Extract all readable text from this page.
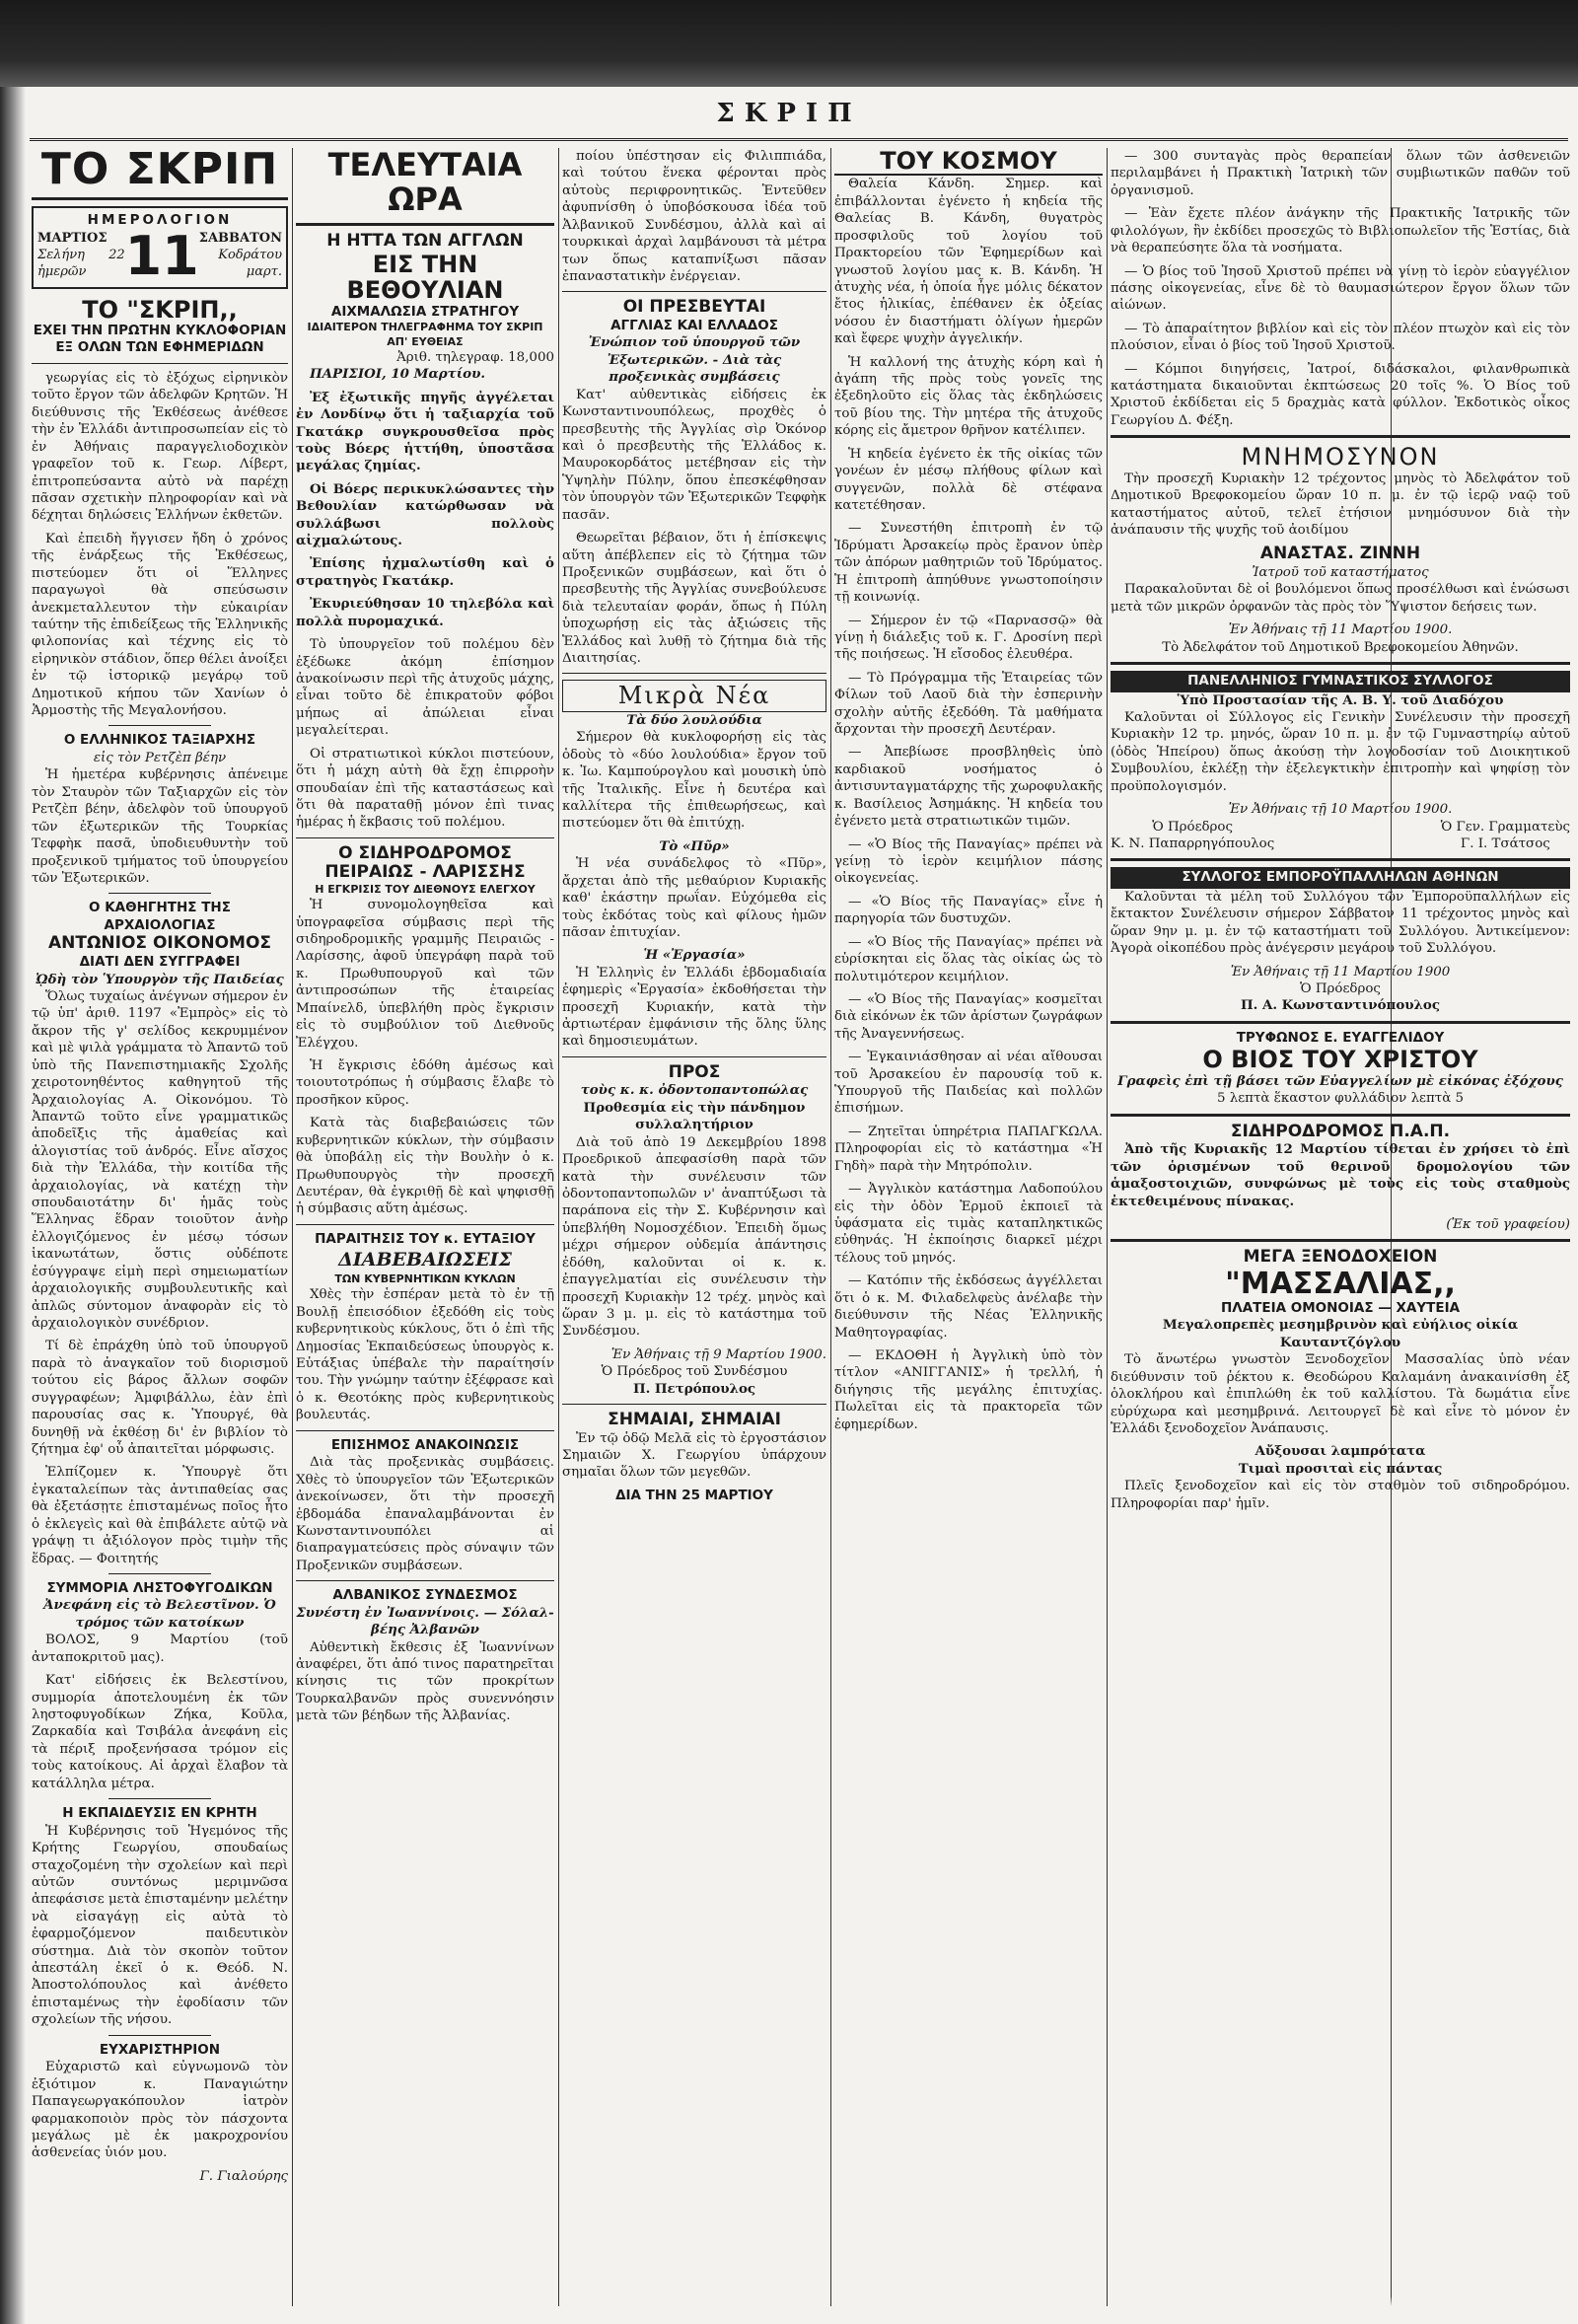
ΣΚΡΙΠ
ΤΟ ΣΚΡΙΠ
ΗΜΕΡΟΛΟΓΙΟΝ
ΜΑΡΤΙΟΣ
Σελήνη 22 ἡμερῶν 11 ΣΑΒΒΑΤΟΝ
Κοδράτου μαρτ.
ΤΟ "ΣΚΡΙΠ,,
ΕΧΕΙ ΤΗΝ ΠΡΩΤΗΝ ΚΥΚΛΟΦΟΡΙΑΝ
ΕΞ ΟΛΩΝ ΤΩΝ ΕΦΗΜΕΡΙΔΩΝ

γεωργίας εἰς τὸ ἐξόχως εἰρηνικὸν τοῦτο ἔργον τῶν ἀδελφῶν Κρητῶν. Ἡ διεύθυνσις τῆς Ἐκθέσεως ἀνέθεσε τὴν ἐν Ἑλλάδι ἀντιπροσωπείαν εἰς τὸ ἐν Ἀθήναις παραγγελιοδοχικὸν γραφεῖον τοῦ κ. Γεωρ. Λίβερτ, ἐπιτροπεύσαντα αὐτὸ νὰ παρέχῃ πᾶσαν σχετικὴν πληροφορίαν καὶ νὰ δέχηται δηλώσεις Ἑλλήνων ἐκθετῶν.

Καὶ ἐπειδὴ ἤγγισεν ἤδη ὁ χρόνος τῆς ἐνάρξεως τῆς Ἐκθέσεως, πιστεύομεν ὅτι οἱ Ἕλληνες παραγωγοὶ θὰ σπεύσωσιν ἀνεκμεταλλευτον τὴν εὐκαιρίαν ταύτην τῆς ἐπιδείξεως τῆς Ἑλληνικῆς φιλοπονίας καὶ τέχνης εἰς τὸ εἰρηνικὸν στάδιον, ὅπερ θέλει ἀνοίξει ἐν τῷ ἱστορικῷ μεγάρῳ τοῦ Δημοτικοῦ κήπου τῶν Χανίων ὁ Ἁρμοστὴς τῆς Μεγαλονήσου.

Ο ΕΛΛΗΝΙΚΟΣ ΤΑΞΙΑΡΧΗΣ
εἰς τὸν Ρετζὲπ βέην

Ἡ ἡμετέρα κυβέρνησις ἀπένειμε τὸν Σταυρὸν τῶν Ταξιαρχῶν εἰς τὸν Ρετζὲπ βέην, ἀδελφὸν τοῦ ὑπουργοῦ τῶν ἐξωτερικῶν τῆς Τουρκίας Τεφφὴκ πασᾶ, ὑποδιευθυντὴν τοῦ προξενικοῦ τμήματος τοῦ ὑπουργείου τῶν Ἐξωτερικῶν.

Ο ΚΑΘΗΓΗΤΗΣ ΤΗΣ ΑΡΧΑΙΟΛΟΓΙΑΣ
ΑΝΤΩΝΙΟΣ ΟΙΚΟΝΟΜΟΣ
ΔΙΑΤΙ ΔΕΝ ΣΥΓΓΡΑΦΕΙ
ᾨδὴ τὸν Ὑπουργὸν τῆς Παιδείας

Ὅλως τυχαίως ἀνέγνων σήμερον ἐν τῷ ὑπ' ἀριθ. 1197 «Ἐμπρὸς» εἰς τὸ ἄκρον τῆς γ' σελίδος κεκρυμμένον καὶ μὲ ψιλὰ γράμματα τὸ Ἀπαντῶ τοῦ ὑπὸ τῆς Πανεπιστημιακῆς Σχολῆς χειροτονηθέντος καθηγητοῦ τῆς Ἀρχαιολογίας Α. Οἰκονόμου. Τὸ Ἀπαντῶ τοῦτο εἶνε γραμματικῶς ἀποδεῖξις τῆς ἀμαθείας καὶ ἀλογιστίας τοῦ ἀνδρός. Εἶνε αἴσχος διὰ τὴν Ἑλλάδα, τὴν κοιτίδα τῆς ἀρχαιολογίας, νὰ κατέχῃ τὴν σπουδαιοτάτην δι' ἡμᾶς τοὺς Ἕλληνας ἕδραν τοιοῦτον ἀνὴρ ἐλλογιζόμενος ἐν μέσῳ τόσων ἱκανωτάτων, ὅστις οὐδέποτε ἐσύγγραψε εἰμὴ περὶ σημειωματίων ἀρχαιολογικῆς συμβουλευτικῆς καὶ ἀπλῶς σύντομον ἀναφορὰν εἰς τὸ ἀρχαιολογικὸν συνέδριον.

Τί δὲ ἐπράχθη ὑπὸ τοῦ ὑπουργοῦ παρὰ τὸ ἀναγκαῖον τοῦ διορισμοῦ τούτου εἰς βάρος ἄλλων σοφῶν συγγραφέων; Ἀμφιβάλλω, ἐὰν ἐπὶ παρουσίας σας κ. Ὑπουργέ, θὰ δυνηθῇ νὰ ἐκθέσῃ δι' ἐν βιβλίον τὸ ζήτημα ἐφ' οὗ ἀπαιτεῖται μόρφωσις.

Ἐλπίζομεν κ. Ὑπουργὲ ὅτι ἐγκαταλείπων τὰς ἀντιπαθείας σας θὰ ἐξετάσῃτε ἐπισταμένως ποῖος ἦτο ὁ ἐκλεγεὶς καὶ θὰ ἐπιβάλετε αὐτῷ νὰ γράψῃ τι ἀξιόλογον πρὸς τιμὴν τῆς ἕδρας. — Φοιτητής

ΣΥΜΜΟΡΙΑ ΛΗΣΤΟΦΥΓΟΔΙΚΩΝ
Ἀνεφάνη εἰς τὸ Βελεστῖνον. Ὁ τρόμος τῶν κατοίκων

ΒΟΛΟΣ, 9 Μαρτίου (τοῦ ἀνταποκριτοῦ μας).

Κατ' εἰδήσεις ἐκ Βελεστίνου, συμμορία ἀποτελουμένη ἐκ τῶν ληστοφυγοδίκων Ζήκα, Κοῦλα, Ζαρκαδία καὶ Τσιβάλα ἀνεφάνη εἰς τὰ πέριξ προξενήσασα τρόμον εἰς τοὺς κατοίκους. Αἱ ἀρχαὶ ἔλαβον τὰ κατάλληλα μέτρα.

Η ΕΚΠΑΙΔΕΥΣΙΣ ΕΝ ΚΡΗΤΗ

Ἡ Κυβέρνησις τοῦ Ἡγεμόνος τῆς Κρήτης Γεωργίου, σπουδαίως σταχοζομένη τὴν σχολείων καὶ περὶ αὐτῶν συντόνως μεριμνῶσα ἀπεφάσισε μετὰ ἐπισταμένην μελέτην νὰ εἰσαγάγῃ εἰς αὐτὰ τὸ ἐφαρμοζόμενον παιδευτικὸν σύστημα. Διὰ τὸν σκοπὸν τοῦτον ἀπεστάλη ἐκεῖ ὁ κ. Θεόδ. Ν. Ἀποστολόπουλος καὶ ἀνέθετο ἐπισταμένως τὴν ἐφοδίασιν τῶν σχολείων τῆς νήσου.

ΕΥΧΑΡΙΣΤΗΡΙΟΝ

Εὐχαριστῶ καὶ εὐγνωμονῶ τὸν ἐξιότιμον κ. Παναγιώτην Παπαγεωργακόπουλον ἰατρὸν φαρμακοποιὸν πρὸς τὸν πάσχοντα μεγάλως μὲ ἐκ μακροχρονίου ἀσθενείας ὑιόν μου.

Γ. Γιαλούρης
ΤΕΛΕΥΤΑΙΑ ΩΡΑ
Η ΗΤΤΑ ΤΩΝ ΑΓΓΛΩΝ
ΕΙΣ ΤΗΝ ΒΕΘΟΥΛΙΑΝ
ΑΙΧΜΑΛΩΣΙΑ ΣΤΡΑΤΗΓΟΥ
ΙΔΙΑΙΤΕΡΟΝ ΤΗΛΕΓΡΑΦΗΜΑ ΤΟΥ ΣΚΡΙΠ ΑΠ' ΕΥΘΕΙΑΣ
Ἀριθ. τηλεγραφ. 18,000

ΠΑΡΙΣΙΟΙ, 10 Μαρτίου.

Ἐξ ἐξωτικῆς πηγῆς ἀγγέλεται ἐν Λονδίνῳ ὅτι ἡ ταξιαρχία τοῦ Γκατάκρ συγκρουσθεῖσα πρὸς τοὺς Βόερς ἡττήθη, ὑποστᾶσα μεγάλας ζημίας.

Οἱ Βόερς περικυκλώσαντες τὴν Βεθουλίαν κατώρθωσαν νὰ συλλάβωσι πολλοὺς αἰχμαλώτους.

Ἐπίσης ἠχμαλωτίσθη καὶ ὁ στρατηγὸς Γκατάκρ.

Ἐκυριεύθησαν 10 τηλεβόλα καὶ πολλὰ πυρομαχικά.

Τὸ ὑπουργεῖον τοῦ πολέμου δὲν ἐξέδωκε ἀκόμη ἐπίσημον ἀνακοίνωσιν περὶ τῆς ἀτυχοῦς μάχης, εἶναι τοῦτο δὲ ἐπικρατοῦν φόβοι μήπως αἱ ἀπώλειαι εἶναι μεγαλείτεραι.

Οἱ στρατιωτικοὶ κύκλοι πιστεύουν, ὅτι ἡ μάχη αὐτὴ θὰ ἔχῃ ἐπιρροὴν σπουδαίαν ἐπὶ τῆς καταστάσεως καὶ ὅτι θὰ παραταθῇ μόνον ἐπὶ τινας ἡμέρας ἡ ἔκβασις τοῦ πολέμου.

Ο ΣΙΔΗΡΟΔΡΟΜΟΣ
ΠΕΙΡΑΙΩΣ - ΛΑΡΙΣΣΗΣ
Η ΕΓΚΡΙΣΙΣ ΤΟΥ ΔΙΕΘΝΟΥΣ ΕΛΕΓΧΟΥ

Ἡ συνομολογηθεῖσα καὶ ὑπογραφεῖσα σύμβασις περὶ τῆς σιδηροδρομικῆς γραμμῆς Πειραιῶς - Λαρίσσης, ἀφοῦ ὑπεγράφη παρὰ τοῦ κ. Πρωθυπουργοῦ καὶ τῶν ἀντιπροσώπων τῆς ἑταιρείας Μπαίνελδ, ὑπεβλήθη πρὸς ἔγκρισιν εἰς τὸ συμβούλιον τοῦ Διεθνοῦς Ἐλέγχου.

Ἡ ἔγκρισις ἐδόθη ἀμέσως καὶ τοιουτοτρόπως ἡ σύμβασις ἔλαβε τὸ προσῆκον κῦρος.

Κατὰ τὰς διαβεβαιώσεις τῶν κυβερνητικῶν κύκλων, τὴν σύμβασιν θὰ ὑποβάλῃ εἰς τὴν Βουλὴν ὁ κ. Πρωθυπουργὸς τὴν προσεχῆ Δευτέραν, θὰ ἐγκριθῇ δὲ καὶ ψηφισθῇ ἡ σύμβασις αὕτη ἀμέσως.

ΠΑΡΑΙΤΗΣΙΣ ΤΟΥ κ. ΕΥΤΑΞΙΟΥ
ΔΙΑΒΕΒΑΙΩΣΕΙΣ
ΤΩΝ ΚΥΒΕΡΝΗΤΙΚΩΝ ΚΥΚΛΩΝ

Χθὲς τὴν ἑσπέραν μετὰ τὸ ἐν τῇ Βουλῇ ἐπεισόδιον ἐξεδόθη εἰς τοὺς κυβερνητικοὺς κύκλους, ὅτι ὁ ἐπὶ τῆς Δημοσίας Ἐκπαιδεύσεως ὑπουργὸς κ. Εὐτάξιας ὑπέβαλε τὴν παραίτησίν του. Τὴν γνώμην ταύτην ἐξέφρασε καὶ ὁ κ. Θεοτόκης πρὸς κυβερνητικοὺς βουλευτάς.

ΕΠΙΣΗΜΟΣ ΑΝΑΚΟΙΝΩΣΙΣ

Διὰ τὰς προξενικὰς συμβάσεις. Χθὲς τὸ ὑπουργεῖον τῶν Ἐξωτερικῶν ἀνεκοίνωσεν, ὅτι τὴν προσεχῆ ἑβδομάδα ἐπαναλαμβάνονται ἐν Κωνσταντινουπόλει αἱ διαπραγματεύσεις πρὸς σύναψιν τῶν Προξενικῶν συμβάσεων.

ΑΛΒΑΝΙΚΟΣ ΣΥΝΔΕΣΜΟΣ
Συνέστη ἐν Ἰωαννίνοις. — Σόλαλ-βέης Ἀλβανῶν

Αὐθεντικὴ ἔκθεσις ἐξ Ἰωαννίνων ἀναφέρει, ὅτι ἀπό τινος παρατηρεῖται κίνησις τις τῶν προκρίτων Τουρκαλβανῶν πρὸς συνεννόησιν μετὰ τῶν βέηδων τῆς Ἀλβανίας.

ποίου ὑπέστησαν εἰς Φιλιππιάδα, καὶ τούτου ἕνεκα φέρονται πρὸς αὐτοὺς περιφρονητικῶς. Ἐντεῦθεν ἀφυπνίσθη ὁ ὑποβόσκουσα ἰδέα τοῦ Ἀλβανικοῦ Συνδέσμου, ἀλλὰ καὶ αἱ τουρκικαὶ ἀρχαὶ λαμβάνουσι τὰ μέτρα των ὅπως καταπνίξωσι πᾶσαν ἐπαναστατικὴν ἐνέργειαν.

ΟΙ ΠΡΕΣΒΕΥΤΑΙ
ΑΓΓΛΙΑΣ ΚΑΙ ΕΛΛΑΔΟΣ
Ἐνώπιον τοῦ ὑπουργοῦ τῶν Ἐξωτερικῶν. - Διὰ τὰς προξενικὰς συμβάσεις

Κατ' αὐθεντικὰς εἰδήσεις ἐκ Κωνσταντινουπόλεως, προχθὲς ὁ πρεσβευτὴς τῆς Ἀγγλίας σὶρ Ὀκόνορ καὶ ὁ πρεσβευτὴς τῆς Ἑλλάδος κ. Μαυροκορδάτος μετέβησαν εἰς τὴν Ὑψηλὴν Πύλην, ὅπου ἐπεσκέφθησαν τὸν ὑπουργὸν τῶν Ἐξωτερικῶν Τεφφὴκ πασᾶν.

Θεωρεῖται βέβαιον, ὅτι ἡ ἐπίσκεψις αὕτη ἀπέβλεπεν εἰς τὸ ζήτημα τῶν Προξενικῶν συμβάσεων, καὶ ὅτι ὁ πρεσβευτὴς τῆς Ἀγγλίας συνεβούλευσε διὰ τελευταίαν φοράν, ὅπως ἡ Πύλη ὑποχωρήσῃ εἰς τὰς ἀξιώσεις τῆς Ἑλλάδος καὶ λυθῇ τὸ ζήτημα διὰ τῆς Διαιτησίας.

Μικρὰ Νέα
Τὰ δύο λουλούδια

Σήμερον θὰ κυκλοφορήσῃ εἰς τὰς ὁδοὺς τὸ «δύο λουλούδια» ἔργον τοῦ κ. Ἰω. Καμπούρογλου καὶ μουσικὴ ὑπὸ τῆς Ἰταλικῆς. Εἶνε ἡ δευτέρα καὶ καλλίτερα τῆς ἐπιθεωρήσεως, καὶ πιστεύομεν ὅτι θὰ ἐπιτύχῃ.

Τὸ «Πῦρ»

Ἡ νέα συνάδελφος τὸ «Πῦρ», ἄρχεται ἀπὸ τῆς μεθαύριον Κυριακῆς καθ' ἑκάστην πρωΐαν. Εὐχόμεθα εἰς τοὺς ἐκδότας τοὺς καὶ φίλους ἡμῶν πᾶσαν ἐπιτυχίαν.

Ἡ «Ἐργασία»

Ἡ Ἐλληνὶς ἐν Ἑλλάδι ἑβδομαδιαία ἐφημερὶς «Ἐργασία» ἐκδοθήσεται τὴν προσεχῆ Κυριακήν, κατὰ τὴν ἀρτιωτέραν ἐμφάνισιν τῆς ὅλης ὕλης καὶ δημοσιευμάτων.

ΠΡΟΣ
τοὺς κ. κ. ὀδοντοπαντοπώλας
Προθεσμία εἰς τὴν πάνδημον συλλαλητήριον

Διὰ τοῦ ἀπὸ 19 Δεκεμβρίου 1898 Προεδρικοῦ ἀπεφασίσθη παρὰ τῶν κατὰ τὴν συνέλευσιν τῶν ὀδοντοπαντοπωλῶν ν' ἀναπτύξωσι τὰ παράπονα εἰς τὴν Σ. Κυβέρνησιν καὶ ὑπεβλήθη Νομοσχέδιον. Ἐπειδὴ ὅμως μέχρι σήμερον οὐδεμία ἀπάντησις ἐδόθη, καλοῦνται οἱ κ. κ. ἐπαγγελματίαι εἰς συνέλευσιν τὴν προσεχῆ Κυριακὴν 12 τρέχ. μηνὸς καὶ ὥραν 3 μ. μ. εἰς τὸ κατάστημα τοῦ Συνδέσμου.

Ἐν Ἀθήναις τῇ 9 Μαρτίου 1900.
Ὁ Πρόεδρος τοῦ Συνδέσμου
Π. Πετρόπουλος
ΣΗΜΑΙΑΙ, ΣΗΜΑΙΑΙ

Ἐν τῷ ὁδῷ Μελᾶ εἰς τὸ ἐργοστάσιον Σημαιῶν Χ. Γεωργίου ὑπάρχουν σημαῖαι ὅλων τῶν μεγεθῶν.

ΔΙΑ ΤΗΝ 25 ΜΑΡΤΙΟΥ
ΤΟΥ ΚΟΣΜΟΥ

Θαλεία Κάνδη. Σημερ. καὶ ἐπιβάλλονται ἐγένετο ἡ κηδεία τῆς Θαλείας Β. Κάνδη, θυγατρὸς προσφιλοῦς τοῦ λογίου τοῦ Πρακτορείου τῶν Ἐφημερίδων καὶ γνωστοῦ λογίου μας κ. Β. Κάνδη. Ἡ ἀτυχὴς νέα, ἡ ὁποία ἦγε μόλις δέκατον ἔτος ἡλικίας, ἐπέθανεν ἐκ ὀξείας νόσου ἐν διαστήματι ὀλίγων ἡμερῶν καὶ ἔφερε ψυχὴν ἀγγελικήν.

Ἡ καλλονή της ἀτυχὴς κόρη καὶ ἡ ἀγάπη τῆς πρὸς τοὺς γονεῖς της ἐξεδηλοῦτο εἰς ὅλας τὰς ἐκδηλώσεις τοῦ βίου της. Τὴν μητέρα τῆς ἀτυχοῦς κόρης εἰς ἄμετρον θρῆνον κατέλιπεν.

Ἡ κηδεία ἐγένετο ἐκ τῆς οἰκίας τῶν γονέων ἐν μέσῳ πλήθους φίλων καὶ συγγενῶν, πολλὰ δὲ στέφανα κατετέθησαν.

— Συνεστήθη ἐπιτροπὴ ἐν τῷ Ἰδρύματι Ἀρσακείῳ πρὸς ἔρανον ὑπὲρ τῶν ἀπόρων μαθητριῶν τοῦ Ἰδρύματος. Ἡ ἐπιτροπὴ ἀπηύθυνε γνωστοποίησιν τῇ κοινωνίᾳ.

— Σήμερον ἐν τῷ «Παρνασσῷ» θὰ γίνῃ ἡ διάλεξις τοῦ κ. Γ. Δροσίνη περὶ τῆς ποιήσεως. Ἡ εἴσοδος ἐλευθέρα.

— Τὸ Πρόγραμμα τῆς Ἑταιρείας τῶν Φίλων τοῦ Λαοῦ διὰ τὴν ἐσπερινὴν σχολὴν αὐτῆς ἐξεδόθη. Τὰ μαθήματα ἄρχονται τὴν προσεχῆ Δευτέραν.

— Ἀπεβίωσε προσβληθεὶς ὑπὸ καρδιακοῦ νοσήματος ὁ ἀντισυνταγματάρχης τῆς χωροφυλακῆς κ. Βασίλειος Ἀσημάκης. Ἡ κηδεία του ἐγένετο μετὰ στρατιωτικῶν τιμῶν.

— «Ὁ Βίος τῆς Παναγίας» πρέπει νὰ γείνῃ τὸ ἱερὸν κειμήλιον πάσης οἰκογενείας.

— «Ὁ Βίος τῆς Παναγίας» εἶνε ἡ παρηγορία τῶν δυστυχῶν.

— «Ὁ Βίος τῆς Παναγίας» πρέπει νὰ εὑρίσκηται εἰς ὅλας τὰς οἰκίας ὡς τὸ πολυτιμότερον κειμήλιον.

— «Ὁ Βίος τῆς Παναγίας» κοσμεῖται διὰ εἰκόνων ἐκ τῶν ἀρίστων ζωγράφων τῆς Ἀναγεννήσεως.

— Ἐγκαινιάσθησαν αἱ νέαι αἴθουσαι τοῦ Ἀρσακείου ἐν παρουσίᾳ τοῦ κ. Ὑπουργοῦ τῆς Παιδείας καὶ πολλῶν ἐπισήμων.

— Ζητεῖται ὑπηρέτρια ΠΑΠΑΓΚΩΛΑ. Πληροφορίαι εἰς τὸ κατάστημα «Ἡ Γηδὴ» παρὰ τὴν Μητρόπολιν.

— Ἀγγλικὸν κατάστημα Λαδοπούλου εἰς τὴν ὁδὸν Ἑρμοῦ ἐκποιεῖ τὰ ὑφάσματα εἰς τιμὰς καταπληκτικῶς εὐθηνάς. Ἡ ἐκποίησις διαρκεῖ μέχρι τέλους τοῦ μηνός.

— Κατόπιν τῆς ἐκδόσεως ἀγγέλλεται ὅτι ὁ κ. Μ. Φιλαδελφεὺς ἀνέλαβε τὴν διεύθυνσιν τῆς Νέας Ἑλληνικῆς Μαθητογραφίας.

— ΕΚΔΟΘΗ ἡ Ἀγγλικὴ ὑπὸ τὸν τίτλον «ΑΝΙΓΓΑΝΙΣ» ἡ τρελλή, ἡ διήγησις τῆς μεγάλης ἐπιτυχίας. Πωλεῖται εἰς τὰ πρακτορεῖα τῶν ἐφημερίδων.

— 300 συνταγὰς πρὸς θεραπείαν ὅλων τῶν ἀσθενειῶν περιλαμβάνει ἡ Πρακτικὴ Ἰατρικὴ τῶν συμβιωτικῶν παθῶν τοῦ ὀργανισμοῦ.

— Ἐὰν ἔχετε πλέον ἀνάγκην τῆς Πρακτικῆς Ἰατρικῆς τῶν φιλολόγων, ἣν ἐκδίδει προσεχῶς τὸ Βιβλιοπωλεῖον τῆς Ἑστίας, διὰ νὰ θεραπεύσητε ὅλα τὰ νοσήματα.

— Ὁ βίος τοῦ Ἰησοῦ Χριστοῦ πρέπει νὰ γίνῃ τὸ ἱερὸν εὐαγγέλιον πάσης οἰκογενείας, εἶνε δὲ τὸ θαυμασιώτερον ἔργον ὅλων τῶν αἰώνων.

— Τὸ ἀπαραίτητον βιβλίον καὶ εἰς τὸν πλέον πτωχὸν καὶ εἰς τὸν πλούσιον, εἶναι ὁ βίος τοῦ Ἰησοῦ Χριστοῦ.

— Κόμποι διηγήσεις, Ἰατροί, διδάσκαλοι, φιλανθρωπικὰ κατάστηματα δικαιοῦνται ἐκπτώσεως 20 τοῖς %. Ὁ Βίος τοῦ Χριστοῦ ἐκδίδεται εἰς 5 δραχμὰς κατὰ φύλλον. Ἐκδοτικὸς οἶκος Γεωργίου Δ. Φέξη.

ΜΝΗΜΟΣΥΝΟΝ

Τὴν προσεχῆ Κυριακὴν 12 τρέχοντος μηνὸς τὸ Ἀδελφάτον τοῦ Δημοτικοῦ Βρεφοκομείου ὥραν 10 π. μ. ἐν τῷ ἱερῷ ναῷ τοῦ καταστήματος αὐτοῦ, τελεῖ ἐτήσιον μνημόσυνον διὰ τὴν ἀνάπαυσιν τῆς ψυχῆς τοῦ ἀοιδίμου

ΑΝΑΣΤΑΣ. ΖΙΝΝΗ
Ἰατροῦ τοῦ καταστήματος

Παρακαλοῦνται δὲ οἱ βουλόμενοι ὅπως προσέλθωσι καὶ ἑνώσωσι μετὰ τῶν μικρῶν ὀρφανῶν τὰς πρὸς τὸν Ὕψιστον δεήσεις των.

Ἐν Ἀθήναις τῇ 11 Μαρτίου 1900.
Τὸ Ἀδελφάτον τοῦ Δημοτικοῦ Βρεφοκομείου Ἀθηνῶν.
ΠΑΝΕΛΛΗΝΙΟΣ ΓΥΜΝΑΣΤΙΚΟΣ ΣΥΛΛΟΓΟΣ
Ὑπὸ Προστασίαν τῆς Α. Β. Υ. τοῦ Διαδόχου

Καλοῦνται οἱ Σύλλογος εἰς Γενικὴν Συνέλευσιν τὴν προσεχῆ Κυριακὴν 12 τρ. μηνός, ὥραν 10 π. μ. ἐν τῷ Γυμναστηρίῳ αὐτοῦ (ὁδὸς Ἡπείρου) ὅπως ἀκούσῃ τὴν λογοδοσίαν τοῦ Διοικητικοῦ Συμβουλίου, ἐκλέξῃ τὴν ἐξελεγκτικὴν ἐπιτροπὴν καὶ ψηφίσῃ τὸν προϋπολογισμόν.

Ἐν Ἀθήναις τῇ 10 Μαρτίου 1900.
Ὁ Πρόεδρος
Κ. Ν. Παπαρρηγόπουλος
Ὁ Γεν. Γραμματεὺς
Γ. Ι. Τσάτσος
ΣΥΛΛΟΓΟΣ ΕΜΠΟΡΟΫΠΑΛΛΗΛΩΝ ΑΘΗΝΩΝ

Καλοῦνται τὰ μέλη τοῦ Συλλόγου τῶν Ἐμποροϋπαλλήλων εἰς ἔκτακτον Συνέλευσιν σήμερον Σάββατον 11 τρέχοντος μηνὸς καὶ ὥραν 9ην μ. μ. ἐν τῷ καταστήματι τοῦ Συλλόγου. Ἀντικείμενον: Ἀγορὰ οἰκοπέδου πρὸς ἀνέγερσιν μεγάρου τοῦ Συλλόγου.

Ἐν Ἀθήναις τῇ 11 Μαρτίου 1900
Ὁ Πρόεδρος
Π. Α. Κωνσταντινόπουλος
ΤΡΥΦΩΝΟΣ Ε. ΕΥΑΓΓΕΛΙΔΟΥ
Ο ΒΙΟΣ ΤΟΥ ΧΡΙΣΤΟΥ
Γραφεὶς ἐπὶ τῇ βάσει τῶν Εὐαγγελίων μὲ εἰκόνας ἐξόχους
5 λεπτὰ ἕκαστον φυλλάδιον λεπτὰ 5
ΣΙΔΗΡΟΔΡΟΜΟΣ Π.Α.Π.

Ἀπὸ τῆς Κυριακῆς 12 Μαρτίου τίθεται ἐν χρήσει τὸ ἐπὶ τῶν ὁρισμένων τοῦ θερινοῦ δρομολογίου τῶν ἁμαξοστοιχιῶν, συνφώνως μὲ τοὺς εἰς τοὺς σταθμοὺς ἐκτεθειμένους πίνακας.

(Ἐκ τοῦ γραφείου)
ΜΕΓΑ ΞΕΝΟΔΟΧΕΙΟΝ
"ΜΑΣΣΑΛΙΑΣ,,
ΠΛΑΤΕΙΑ ΟΜΟΝΟΙΑΣ — ΧΑΥΤΕΙΑ
Μεγαλοπρεπὲς μεσημβρινὸν καὶ εὐήλιος οἰκία Καυταντζόγλου

Τὸ ἄνωτέρω γνωστὸν Ξενοδοχεῖον Μασσαλίας ὑπὸ νέαν διεύθυνσιν τοῦ ῥέκτου κ. Θεοδώρου Καλαμάνη ἀνακαινίσθη ἐξ ὁλοκλήρου καὶ ἐπιπλώθη ἐκ τοῦ καλλίστου. Τὰ δωμάτια εἶνε εὐρύχωρα καὶ μεσημβρινά. Λειτουργεῖ δὲ καὶ εἶνε τὸ μόνον ἐν Ἑλλάδι ξενοδοχεῖον Ἀνάπαυσις.

Αὔξουσαι λαμπρότατα
Τιμαὶ προσιταὶ εἰς πάντας

Πλεῖς ξενοδοχεῖον καὶ εἰς τὸν σταθμὸν τοῦ σιδηροδρόμου. Πληροφορίαι παρ' ἡμῖν.
